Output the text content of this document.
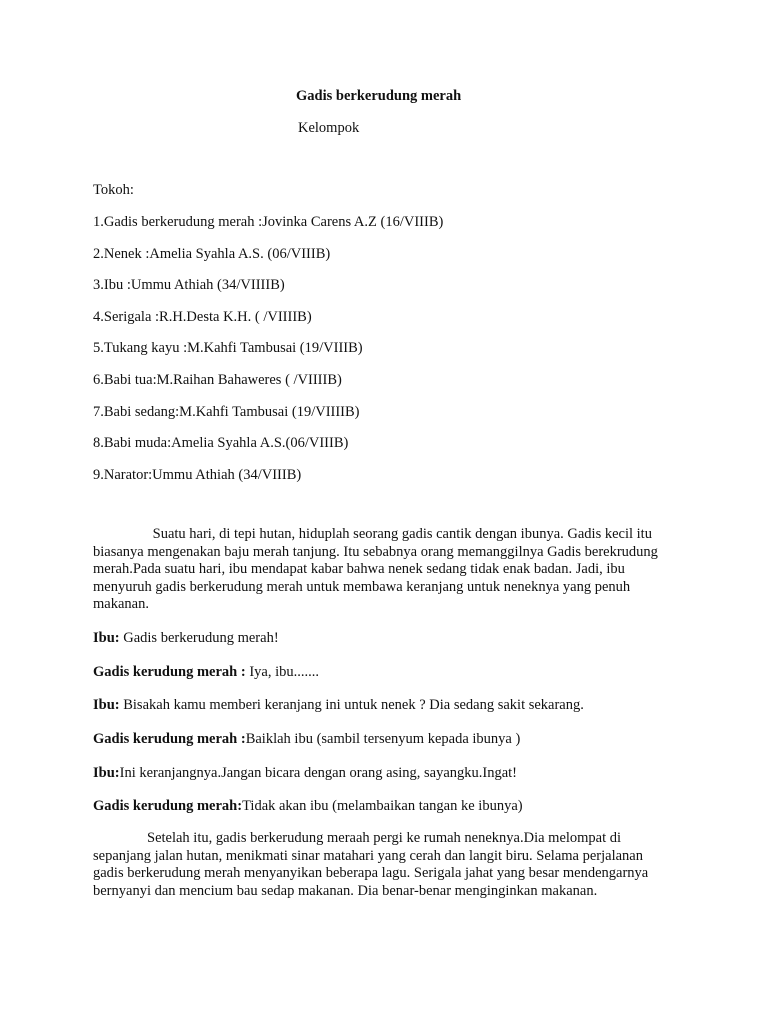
Gadis berkerudung merah
Kelompok
Tokoh:
1.Gadis berkerudung merah :Jovinka Carens A.Z (16/VIIIB)
2.Nenek :Amelia Syahla A.S. (06/VIIIB)
3.Ibu :Ummu Athiah (34/VIIIIB)
4.Serigala :R.H.Desta K.H. ( /VIIIIB)
5.Tukang kayu :M.Kahfi Tambusai (19/VIIIB)
6.Babi tua:M.Raihan Bahaweres ( /VIIIIB)
7.Babi sedang:M.Kahfi Tambusai (19/VIIIIB)
8.Babi muda:Amelia Syahla A.S.(06/VIIIB)
9.Narator:Ummu Athiah (34/VIIIB)

Suatu hari, di tepi hutan, hiduplah seorang gadis cantik dengan ibunya. Gadis kecil itu biasanya mengenakan baju merah tanjung. Itu sebabnya orang memanggilnya Gadis berekrudung merah.Pada suatu hari, ibu mendapat kabar bahwa nenek sedang tidak enak badan. Jadi, ibu menyuruh gadis berkerudung merah untuk membawa keranjang untuk neneknya yang penuh makanan.

Ibu: Gadis berkerudung merah!

Gadis kerudung merah : Iya, ibu.......

Ibu: Bisakah kamu memberi keranjang ini untuk nenek ? Dia sedang sakit sekarang.

Gadis kerudung merah :Baiklah ibu (sambil tersenyum kepada ibunya )

Ibu:Ini keranjangnya.Jangan bicara dengan orang asing, sayangku.Ingat!

Gadis kerudung merah:Tidak akan ibu (melambaikan tangan ke ibunya)

Setelah itu, gadis berkerudung meraah pergi ke rumah neneknya.Dia melompat di sepanjang jalan hutan, menikmati sinar matahari yang cerah dan langit biru. Selama perjalanan gadis berkerudung merah menyanyikan beberapa lagu. Serigala jahat yang besar mendengarnya bernyanyi dan mencium bau sedap makanan. Dia benar-benar menginginkan makanan.
